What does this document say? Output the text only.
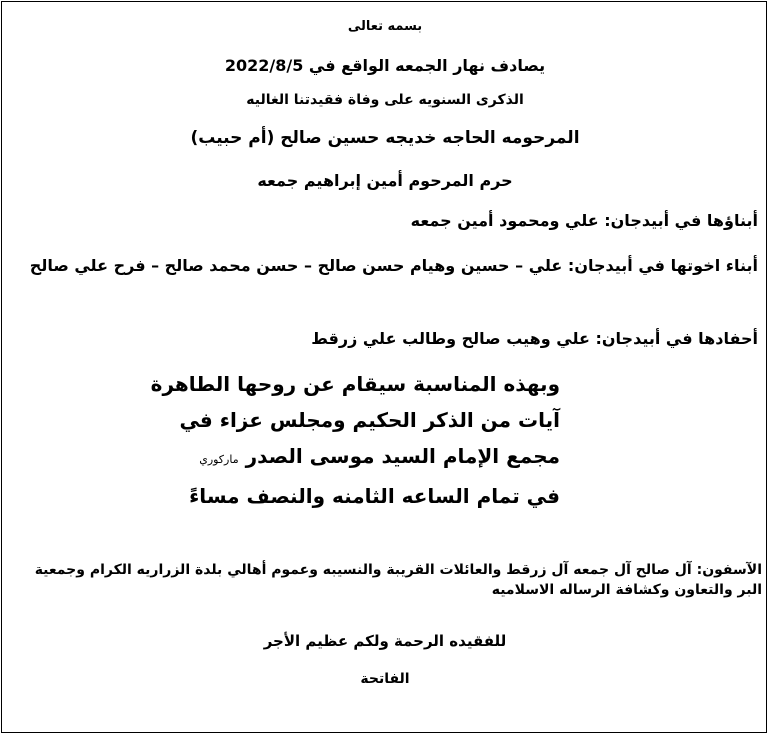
بسمه تعالى
يصادف نهار الجمعه الواقع في 2022/8/5
الذكرى السنويه على وفاة فقيدتنا الغاليه
المرحومه الحاجه خديجه حسين صالح (أم حبيب)
حرم المرحوم أمين إبراهيم جمعه
أبناؤها في أبيدجان: علي ومحمود أمين جمعه
أبناء اخوتها في أبيدجان: علي – حسين وهيام حسن صالح – حسن محمد صالح – فرح علي صالح
أحفادها في أبيدجان: علي وهيب صالح وطالب علي زرقط
وبهذه المناسبة سيقام عن روحها الطاهرة
آيات من الذكر الحكيم ومجلس عزاء في
مجمع الإمام السيد موسى الصدر ماركوري
في تمام الساعه الثامنه والنصف مساءً
الآسفون: آل صالح آل جمعه آل زرقط والعائلات القريبة والنسيبه وعموم أهالي بلدة الزراريه الكرام وجمعية البر والتعاون وكشافة الرساله الاسلاميه
للفقيده الرحمة ولكم عظيم الأجر
الفاتحة
